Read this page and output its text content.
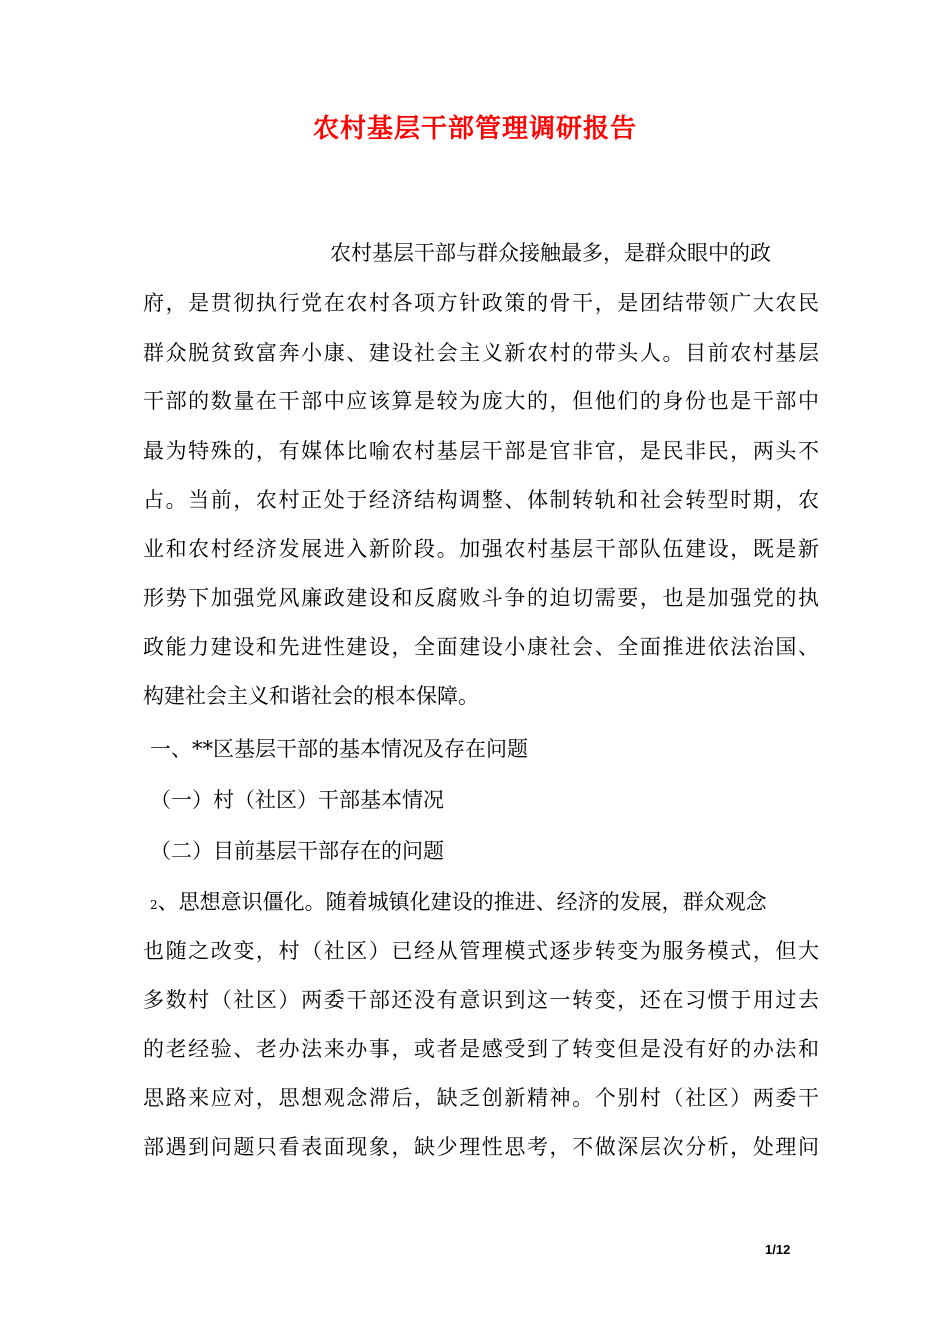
农村基层干部管理调研报告
农村基层干部与群众接触最多，是群众眼中的政
府，是贯彻执行党在农村各项方针政策的骨干，是团结带领广大农民
群众脱贫致富奔小康、建设社会主义新农村的带头人。目前农村基层
干部的数量在干部中应该算是较为庞大的，但他们的身份也是干部中
最为特殊的，有媒体比喻农村基层干部是官非官，是民非民，两头不
占。当前，农村正处于经济结构调整、体制转轨和社会转型时期，农
业和农村经济发展进入新阶段。加强农村基层干部队伍建设，既是新
形势下加强党风廉政建设和反腐败斗争的迫切需要，也是加强党的执
政能力建设和先进性建设，全面建设小康社会、全面推进依法治国、
构建社会主义和谐社会的根本保障。
一、**区基层干部的基本情况及存在问题
（一）村（社区）干部基本情况
（二）目前基层干部存在的问题
2、思想意识僵化。随着城镇化建设的推进、经济的发展，群众观念
也随之改变，村（社区）已经从管理模式逐步转变为服务模式，但大
多数村（社区）两委干部还没有意识到这一转变，还在习惯于用过去
的老经验、老办法来办事，或者是感受到了转变但是没有好的办法和
思路来应对，思想观念滞后，缺乏创新精神。个别村（社区）两委干
部遇到问题只看表面现象，缺少理性思考，不做深层次分析，处理问
1/12
